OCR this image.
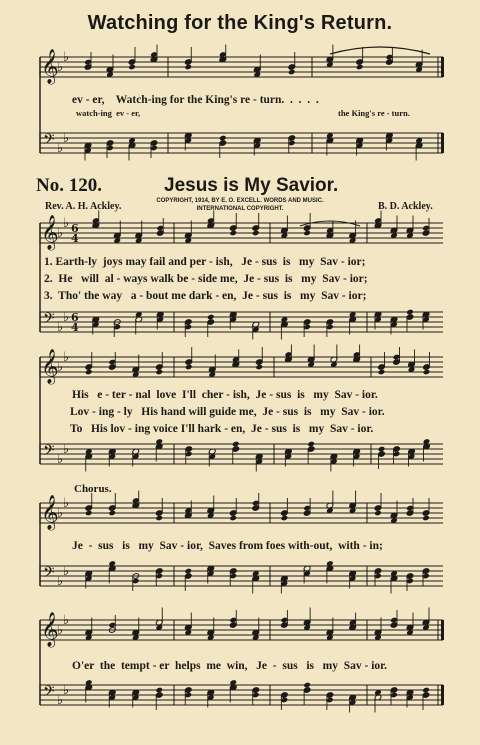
Watching for the King's Return.
𝄞
𝄢
♭
♭
♭
♭
𝄞
𝄢
♭
♭
♭
♭
6
4
6
4
𝄞
𝄢
♭
♭
♭
♭
𝄞
𝄢
♭
♭
♭
♭
𝄞
𝄢
♭
♭
♭
♭
ev - er,    Watch-ing for the King's re - turn.  .  .  .  .
watch-ing  ev - er,	the King's re - turn.
No. 120.	Jesus is My Savior.
Rev. A. H. Ackley.	COPYRIGHT, 1914, BY E. O. EXCELL. WORDS AND MUSIC.
INTERNATIONAL COPYRIGHT.	B. D. Ackley.
1. Earth-ly  joys may fail and per - ish,   Je - sus  is   my  Sav - ior;
2.  He   will  al - ways walk be - side me,  Je - sus  is   my  Sav - ior;
3.  Tho' the way   a - bout me dark - en,  Je - sus  is   my  Sav - ior;
His   e - ter - nal  love  I'll  cher - ish,  Je - sus  is   my  Sav - ior.
Lov - ing - ly   His hand will guide me,  Je - sus  is   my  Sav - ior.
To   His lov - ing voice I'll hark - en,  Je - sus  is   my  Sav - ior.
Chorus.
Je  -  sus   is   my  Sav - ior,  Saves from foes with-out,  with - in;
O'er  the  tempt - er  helps  me  win,   Je  -  sus   is   my  Sav - ior.
